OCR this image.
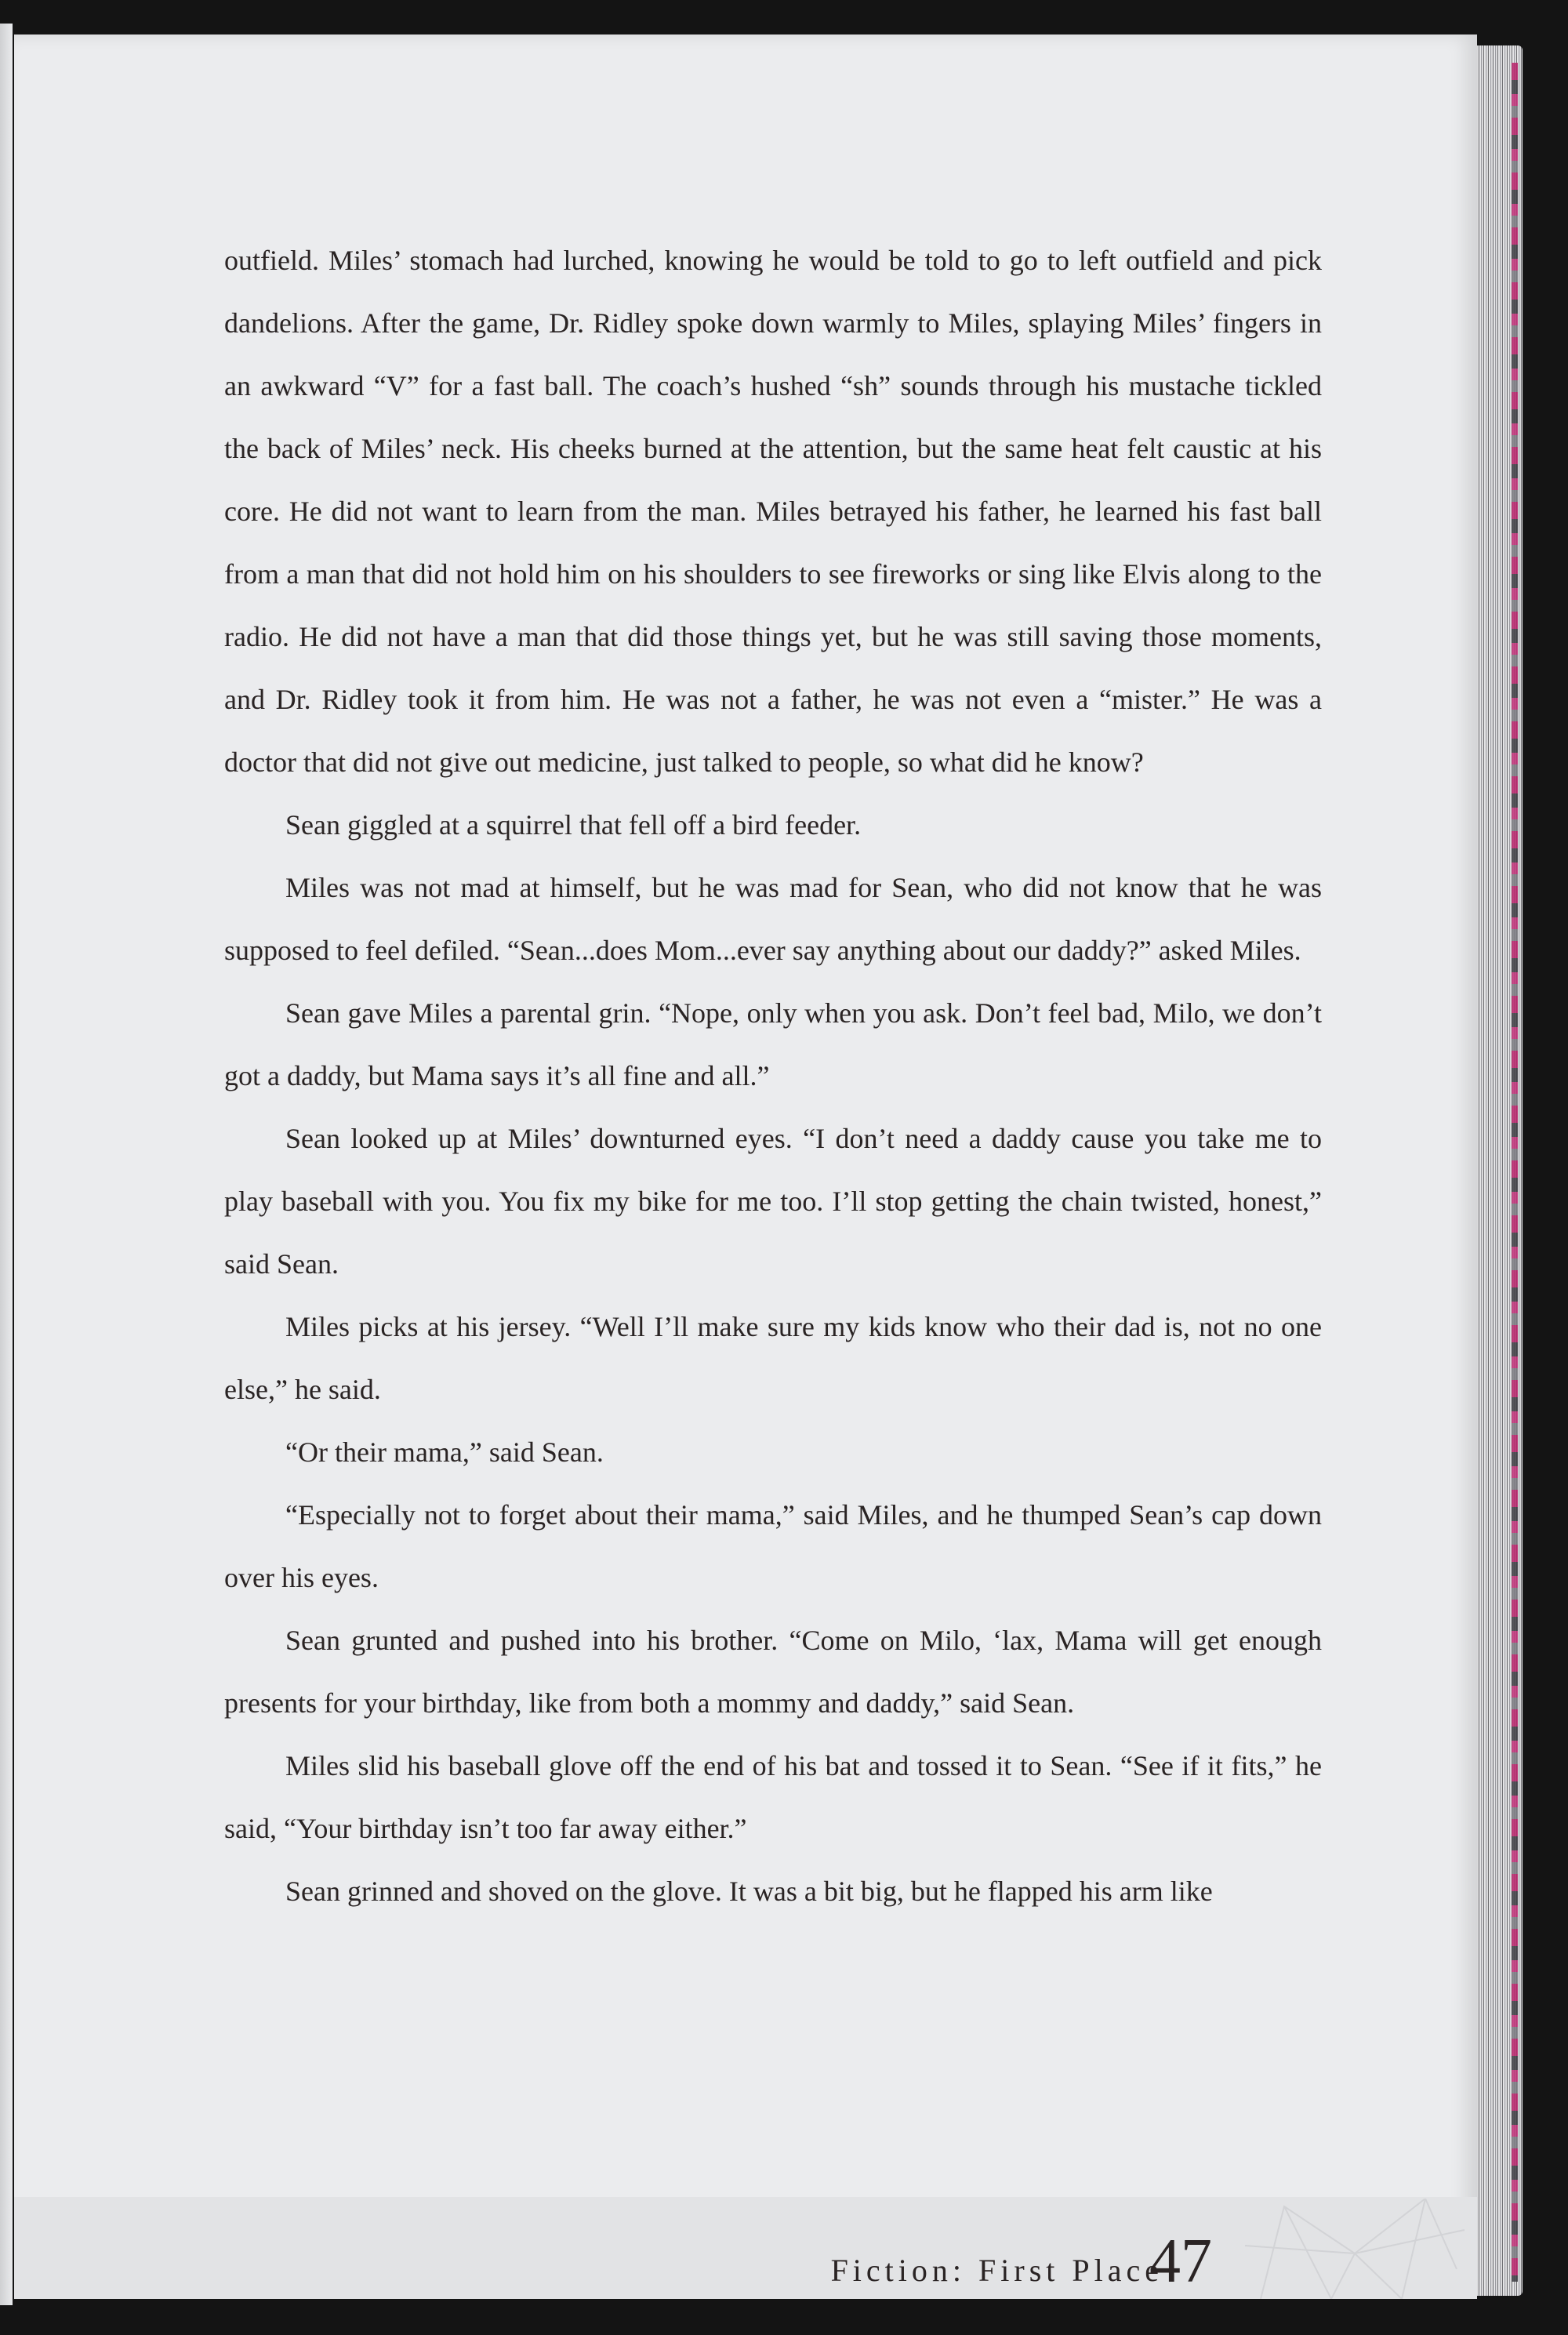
outfield. Miles’ stomach had lurched, knowing he would be told to go to left outfield and pick dandelions. After the game, Dr. Ridley spoke down warmly to Miles, splaying Miles’ fingers in an awkward “V” for a fast ball. The coach’s hushed “sh” sounds through his mustache tickled the back of Miles’ neck. His cheeks burned at the attention, but the same heat felt caustic at his core. He did not want to learn from the man. Miles betrayed his father, he learned his fast ball from a man that did not hold him on his shoulders to see fireworks or sing like Elvis along to the radio. He did not have a man that did those things yet, but he was still saving those moments, and Dr. Ridley took it from him. He was not a father, he was not even a “mister.” He was a doctor that did not give out medicine, just talked to people, so what did he know?

Sean giggled at a squirrel that fell off a bird feeder.

Miles was not mad at himself, but he was mad for Sean, who did not know that he was supposed to feel defiled. “Sean...does Mom...ever say anything about our daddy?” asked Miles.

Sean gave Miles a parental grin. “Nope, only when you ask. Don’t feel bad, Milo, we don’t got a daddy, but Mama says it’s all fine and all.”

Sean looked up at Miles’ downturned eyes. “I don’t need a daddy cause you take me to play baseball with you. You fix my bike for me too. I’ll stop getting the chain twisted, honest,” said Sean.

Miles picks at his jersey. “Well I’ll make sure my kids know who their dad is, not no one else,” he said.

“Or their mama,” said Sean.

“Especially not to forget about their mama,” said Miles, and he thumped Sean’s cap down over his eyes.

Sean grunted and pushed into his brother. “Come on Milo, ‘lax, Mama will get enough presents for your birthday, like from both a mommy and daddy,” said Sean.

Miles slid his baseball glove off the end of his bat and tossed it to Sean. “See if it fits,” he said, “Your birthday isn’t too far away either.”

Sean grinned and shoved on the glove. It was a bit big, but he flapped his arm like

Fiction: First Place
47
